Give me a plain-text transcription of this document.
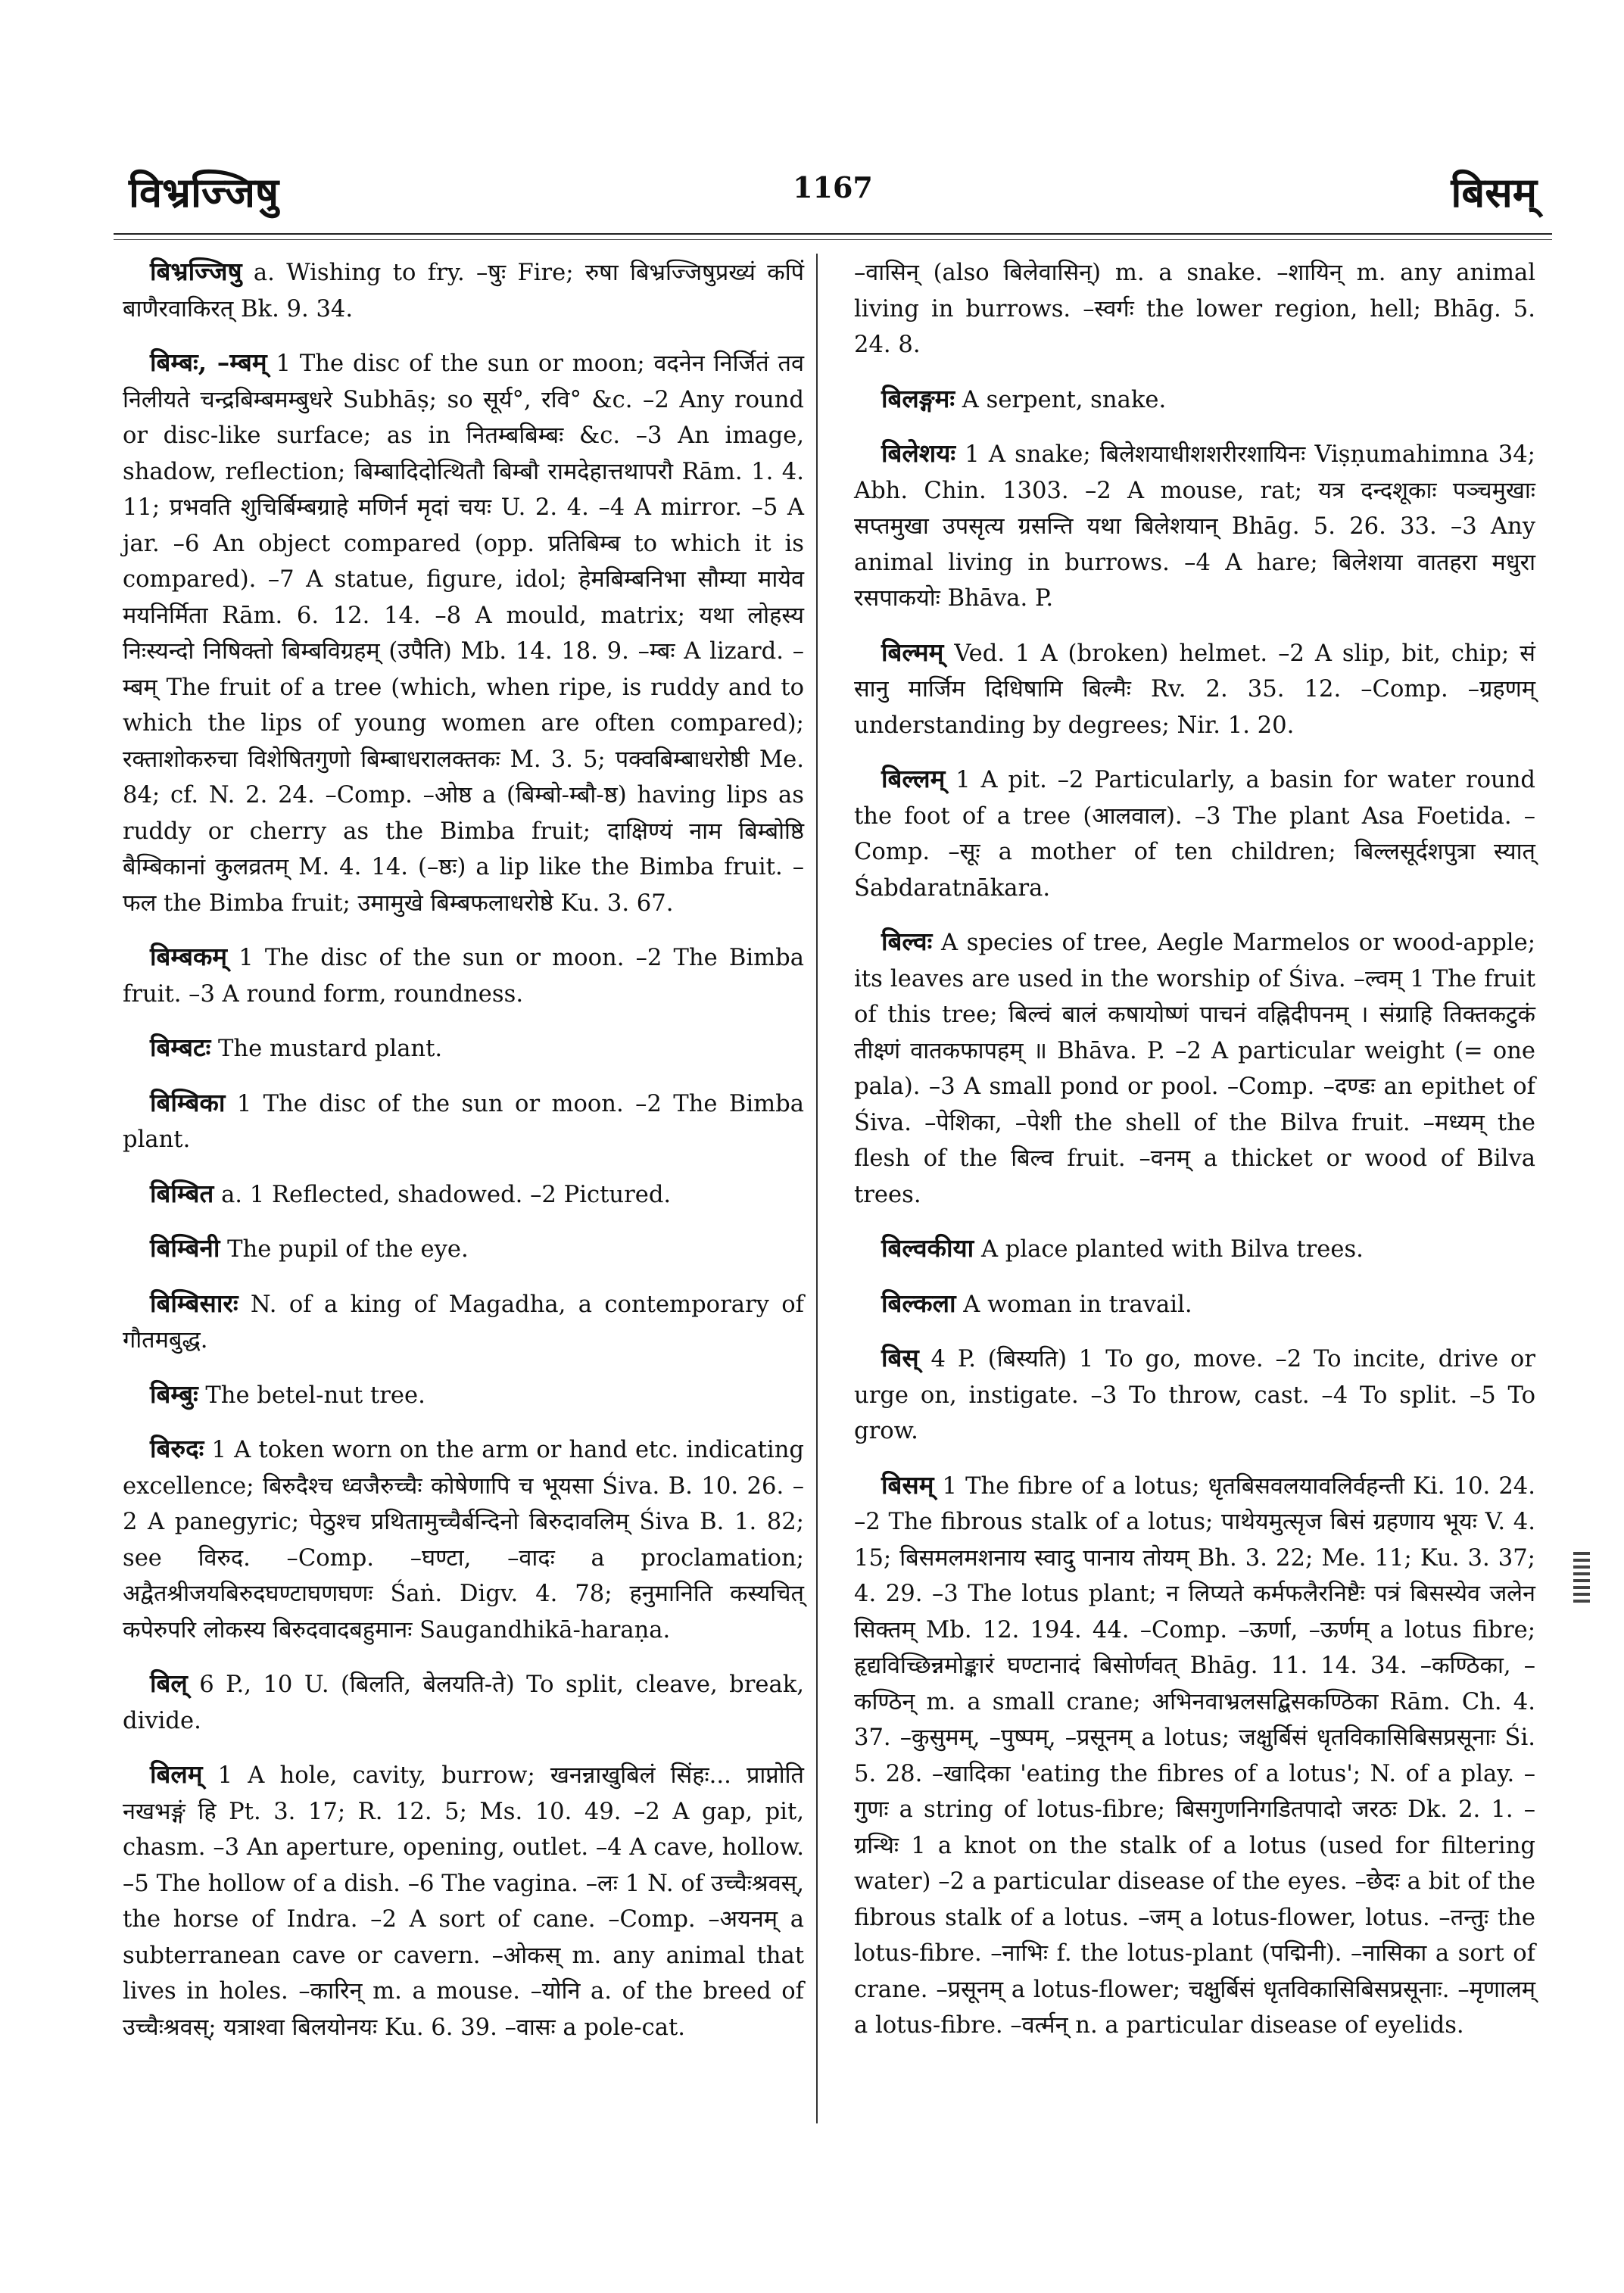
विभ्रज्जिषु	1167	बिसम्

बिभ्रज्जिषु a. Wishing to fry. –षुः Fire; रुषा बिभ्रज्जिषुप्रख्यं कपिं बाणैरवाकिरत् Bk. 9. 34.

बिम्बः, –म्बम् 1 The disc of the sun or moon; वदनेन निर्जितं तव निलीयते चन्द्रबिम्बमम्बुधरे Subhāṣ; so सूर्य°, रवि° &c. –2 Any round or disc-like surface; as in नितम्बबिम्बः &c. –3 An image, shadow, reflection; बिम्बादिदोत्थितौ बिम्बौ रामदेहात्तथापरौ Rām. 1. 4. 11; प्रभवति शुचिर्बिम्बग्राहे मणिर्न मृदां चयः U. 2. 4. –4 A mirror. –5 A jar. –6 An object compared (opp. प्रतिबिम्ब to which it is compared). –7 A statue, figure, idol; हेमबिम्बनिभा सौम्या मायेव मयनिर्मिता Rām. 6. 12. 14. –8 A mould, matrix; यथा लोहस्य निःस्यन्दो निषिक्तो बिम्बविग्रहम् (उपैति) Mb. 14. 18. 9. –म्बः A lizard. –म्बम् The fruit of a tree (which, when ripe, is ruddy and to which the lips of young women are often compared); रक्ताशोकरुचा विशेषितगुणो बिम्बाधरालक्तकः M. 3. 5; पक्वबिम्बाधरोष्ठी Me. 84; cf. N. 2. 24. –Comp. –ओष्ठ a (बिम्बो-म्बौ-ष्ठ) having lips as ruddy or cherry as the Bimba fruit; दाक्षिण्यं नाम बिम्बोष्ठि बैम्बिकानां कुलव्रतम् M. 4. 14. (–ष्ठः) a lip like the Bimba fruit. –फल the Bimba fruit; उमामुखे बिम्बफलाधरोष्ठे Ku. 3. 67.

बिम्बकम् 1 The disc of the sun or moon. –2 The Bimba fruit. –3 A round form, roundness.

बिम्बटः The mustard plant.

बिम्बिका 1 The disc of the sun or moon. –2 The Bimba plant.

बिम्बित a. 1 Reflected, shadowed. –2 Pictured.

बिम्बिनी The pupil of the eye.

बिम्बिसारः N. of a king of Magadha, a contemporary of गौतमबुद्ध.

बिम्बुः The betel-nut tree.

बिरुदः 1 A token worn on the arm or hand etc. indicating excellence; बिरुदैश्च ध्वजैरुच्चैः कोषेणापि च भूयसा Śiva. B. 10. 26. –2 A panegyric; पेठुश्च प्रथितामुच्चैर्बन्दिनो बिरुदावलिम् Śiva B. 1. 82; see विरुद. –Comp. –घण्टा, –वादः a proclamation; अद्वैतश्रीजयबिरुदघण्टाघणघणः Śaṅ. Digv. 4. 78; हनुमानिति कस्यचित् कपेरुपरि लोकस्य बिरुदवादबहुमानः Saugandhikā-haraṇa.

बिल् 6 P., 10 U. (बिलति, बेलयति-ते) To split, cleave, break, divide.

बिलम् 1 A hole, cavity, burrow; खनन्नाखुबिलं सिंहः... प्राप्नोति नखभङ्गं हि Pt. 3. 17; R. 12. 5; Ms. 10. 49. –2 A gap, pit, chasm. –3 An aperture, opening, outlet. –4 A cave, hollow. –5 The hollow of a dish. –6 The vagina. –लः 1 N. of उच्चैःश्रवस्, the horse of Indra. –2 A sort of cane. –Comp. –अयनम् a subterranean cave or cavern. –ओकस् m. any animal that lives in holes. –कारिन् m. a mouse. –योनि a. of the breed of उच्चैःश्रवस्; यत्राश्वा बिलयोनयः Ku. 6. 39. –वासः a pole-cat.

–वासिन् (also बिलेवासिन्) m. a snake. –शायिन् m. any animal living in burrows. –स्वर्गः the lower region, hell; Bhāg. 5. 24. 8.

बिलङ्गमः A serpent, snake.

बिलेशयः 1 A snake; बिलेशयाधीशशरीरशायिनः Viṣṇumahimna 34; Abh. Chin. 1303. –2 A mouse, rat; यत्र दन्दशूकाः पञ्चमुखाः सप्तमुखा उपसृत्य ग्रसन्ति यथा बिलेशयान् Bhāg. 5. 26. 33. –3 Any animal living in burrows. –4 A hare; बिलेशया वातहरा मधुरा रसपाकयोः Bhāva. P.

बिल्मम् Ved. 1 A (broken) helmet. –2 A slip, bit, chip; सं सानु मार्जिम दिधिषामि बिल्मैः Rv. 2. 35. 12. –Comp. –ग्रहणम् understanding by degrees; Nir. 1. 20.

बिल्लम् 1 A pit. –2 Particularly, a basin for water round the foot of a tree (आलवाल). –3 The plant Asa Foetida. –Comp. –सूः a mother of ten children; बिल्लसूर्दशपुत्रा स्यात् Śabdaratnākara.

बिल्वः A species of tree, Aegle Marmelos or wood-apple; its leaves are used in the worship of Śiva. –ल्वम् 1 The fruit of this tree; बिल्वं बालं कषायोष्णं पाचनं वह्निदीपनम् । संग्राहि तिक्तकटुकं तीक्ष्णं वातकफापहम् ॥ Bhāva. P. –2 A particular weight (= one pala). –3 A small pond or pool. –Comp. –दण्डः an epithet of Śiva. –पेशिका, –पेशी the shell of the Bilva fruit. –मध्यम् the flesh of the बिल्व fruit. –वनम् a thicket or wood of Bilva trees.

बिल्वकीया A place planted with Bilva trees.

बिल्कला A woman in travail.

बिस् 4 P. (बिस्यति) 1 To go, move. –2 To incite, drive or urge on, instigate. –3 To throw, cast. –4 To split. –5 To grow.

बिसम् 1 The fibre of a lotus; धृतबिसवलयावलिर्वहन्ती Ki. 10. 24. –2 The fibrous stalk of a lotus; पाथेयमुत्सृज बिसं ग्रहणाय भूयः V. 4. 15; बिसमलमशनाय स्वादु पानाय तोयम् Bh. 3. 22; Me. 11; Ku. 3. 37; 4. 29. –3 The lotus plant; न लिप्यते कर्मफलैरनिष्टैः पत्रं बिसस्येव जलेन सिक्तम् Mb. 12. 194. 44. –Comp. –ऊर्णा, –ऊर्णम् a lotus fibre; हृद्यविच्छिन्नमोङ्कारं घण्टानादं बिसोर्णवत् Bhāg. 11. 14. 34. –कण्ठिका, –कण्ठिन् m. a small crane; अभिनवाभ्रलसद्बिसकण्ठिका Rām. Ch. 4. 37. –कुसुमम्, –पुष्पम्, –प्रसूनम् a lotus; जक्षुर्बिसं धृतविकासिबिसप्रसूनाः Śi. 5. 28. –खादिका 'eating the fibres of a lotus'; N. of a play. –गुणः a string of lotus-fibre; बिसगुणनिगडितपादो जरठः Dk. 2. 1. –ग्रन्थिः 1 a knot on the stalk of a lotus (used for filtering water) –2 a particular disease of the eyes. –छेदः a bit of the fibrous stalk of a lotus. –जम् a lotus-flower, lotus. –तन्तुः the lotus-fibre. –नाभिः f. the lotus-plant (पद्मिनी). –नासिका a sort of crane. –प्रसूनम् a lotus-flower; चक्षुर्बिसं धृतविकासिबिसप्रसूनाः. –मृणालम् a lotus-fibre. –वर्त्मन् n. a particular disease of eyelids.
